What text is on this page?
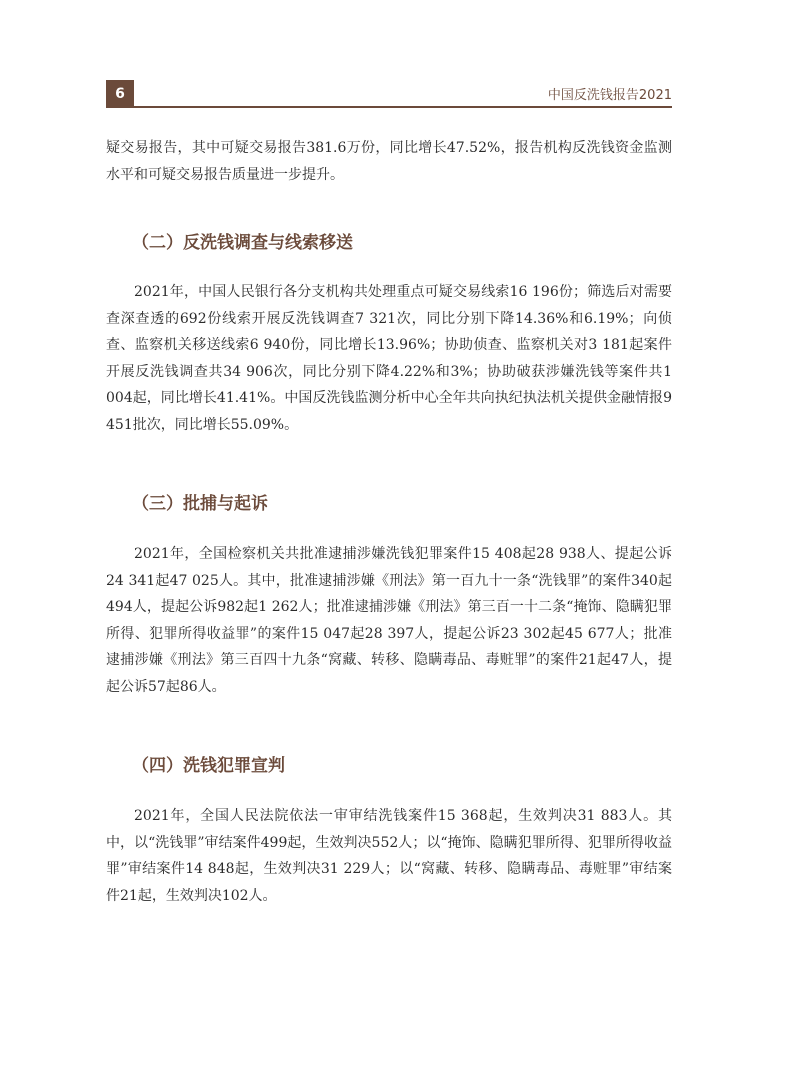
6	中国反洗钱报告2021

疑交易报告，其中可疑交易报告381.6万份，同比增长47.52%，报告机构反洗钱资金监测水平和可疑交易报告质量进一步提升。

（二）反洗钱调查与线索移送

2021年，中国人民银行各分支机构共处理重点可疑交易线索16 196份；筛选后对需要查深查透的692份线索开展反洗钱调查7 321次，同比分别下降14.36%和6.19%；向侦查、监察机关移送线索6 940份，同比增长13.96%；协助侦查、监察机关对3 181起案件开展反洗钱调查共34 906次，同比分别下降4.22%和3%；协助破获涉嫌洗钱等案件共1 004起，同比增长41.41%。中国反洗钱监测分析中心全年共向执纪执法机关提供金融情报9 451批次，同比增长55.09%。

（三）批捕与起诉

2021年，全国检察机关共批准逮捕涉嫌洗钱犯罪案件15 408起28 938人、提起公诉24 341起47 025人。其中，批准逮捕涉嫌《刑法》第一百九十一条“洗钱罪”的案件340起494人，提起公诉982起1 262人；批准逮捕涉嫌《刑法》第三百一十二条“掩饰、隐瞒犯罪所得、犯罪所得收益罪”的案件15 047起28 397人，提起公诉23 302起45 677人；批准逮捕涉嫌《刑法》第三百四十九条“窝藏、转移、隐瞒毒品、毒赃罪”的案件21起47人，提起公诉57起86人。

（四）洗钱犯罪宣判

2021年，全国人民法院依法一审审结洗钱案件15 368起，生效判决31 883人。其中，以“洗钱罪”审结案件499起，生效判决552人；以“掩饰、隐瞒犯罪所得、犯罪所得收益罪”审结案件14 848起，生效判决31 229人；以“窝藏、转移、隐瞒毒品、毒赃罪”审结案件21起，生效判决102人。
